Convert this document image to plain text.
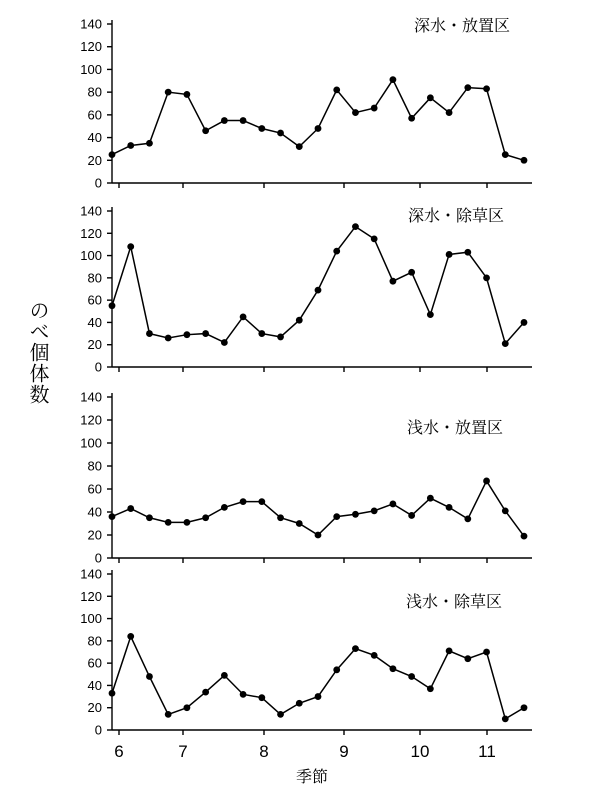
深水・放置区
0
20
40
60
80
100
120
140
深水・除草区
0
20
40
60
80
100
120
140
浅水・放置区
0
20
40
60
80
100
120
140
浅水・除草区
0
20
40
60
80
100
120
140
6	7	8	9	10	11
のべ個体数
季節
